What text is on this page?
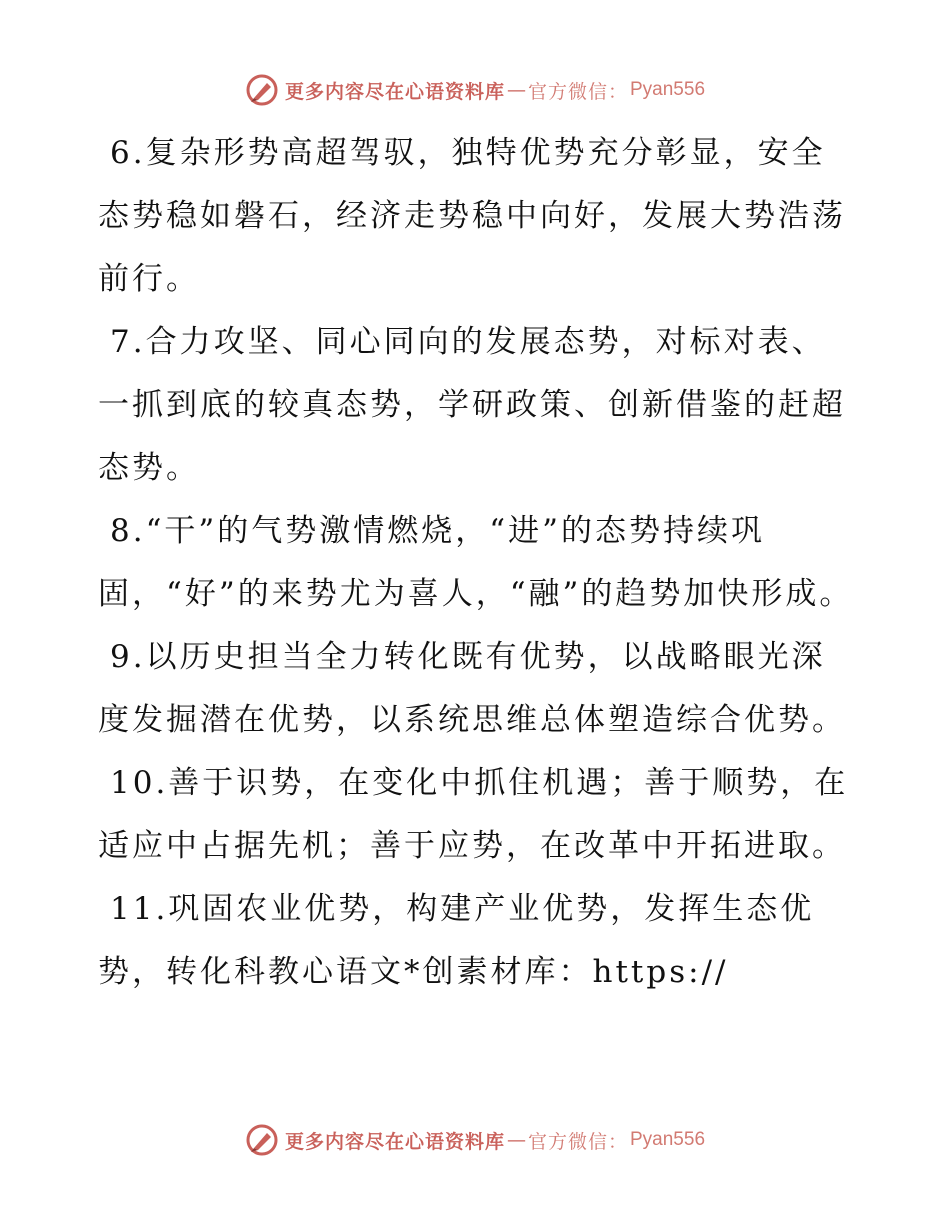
更多内容尽在心语资料库 — 官方微信： Pyan556

6.复杂形势高超驾驭，独特优势充分彰显，安全态势稳如磐石，经济走势稳中向好，发展大势浩荡前行。

7.合力攻坚、同心同向的发展态势，对标对表、一抓到底的较真态势，学研政策、创新借鉴的赶超态势。

8.“干”的气势激情燃烧，“进”的态势持续巩固，“好”的来势尤为喜人，“融”的趋势加快形成。

9.以历史担当全力转化既有优势，以战略眼光深度发掘潜在优势，以系统思维总体塑造综合优势。

10.善于识势，在变化中抓住机遇；善于顺势，在适应中占据先机；善于应势，在改革中开拓进取。

11.巩固农业优势，构建产业优势，发挥生态优势，转化科教心语文*创素材库：https://

更多内容尽在心语资料库 — 官方微信： Pyan556
